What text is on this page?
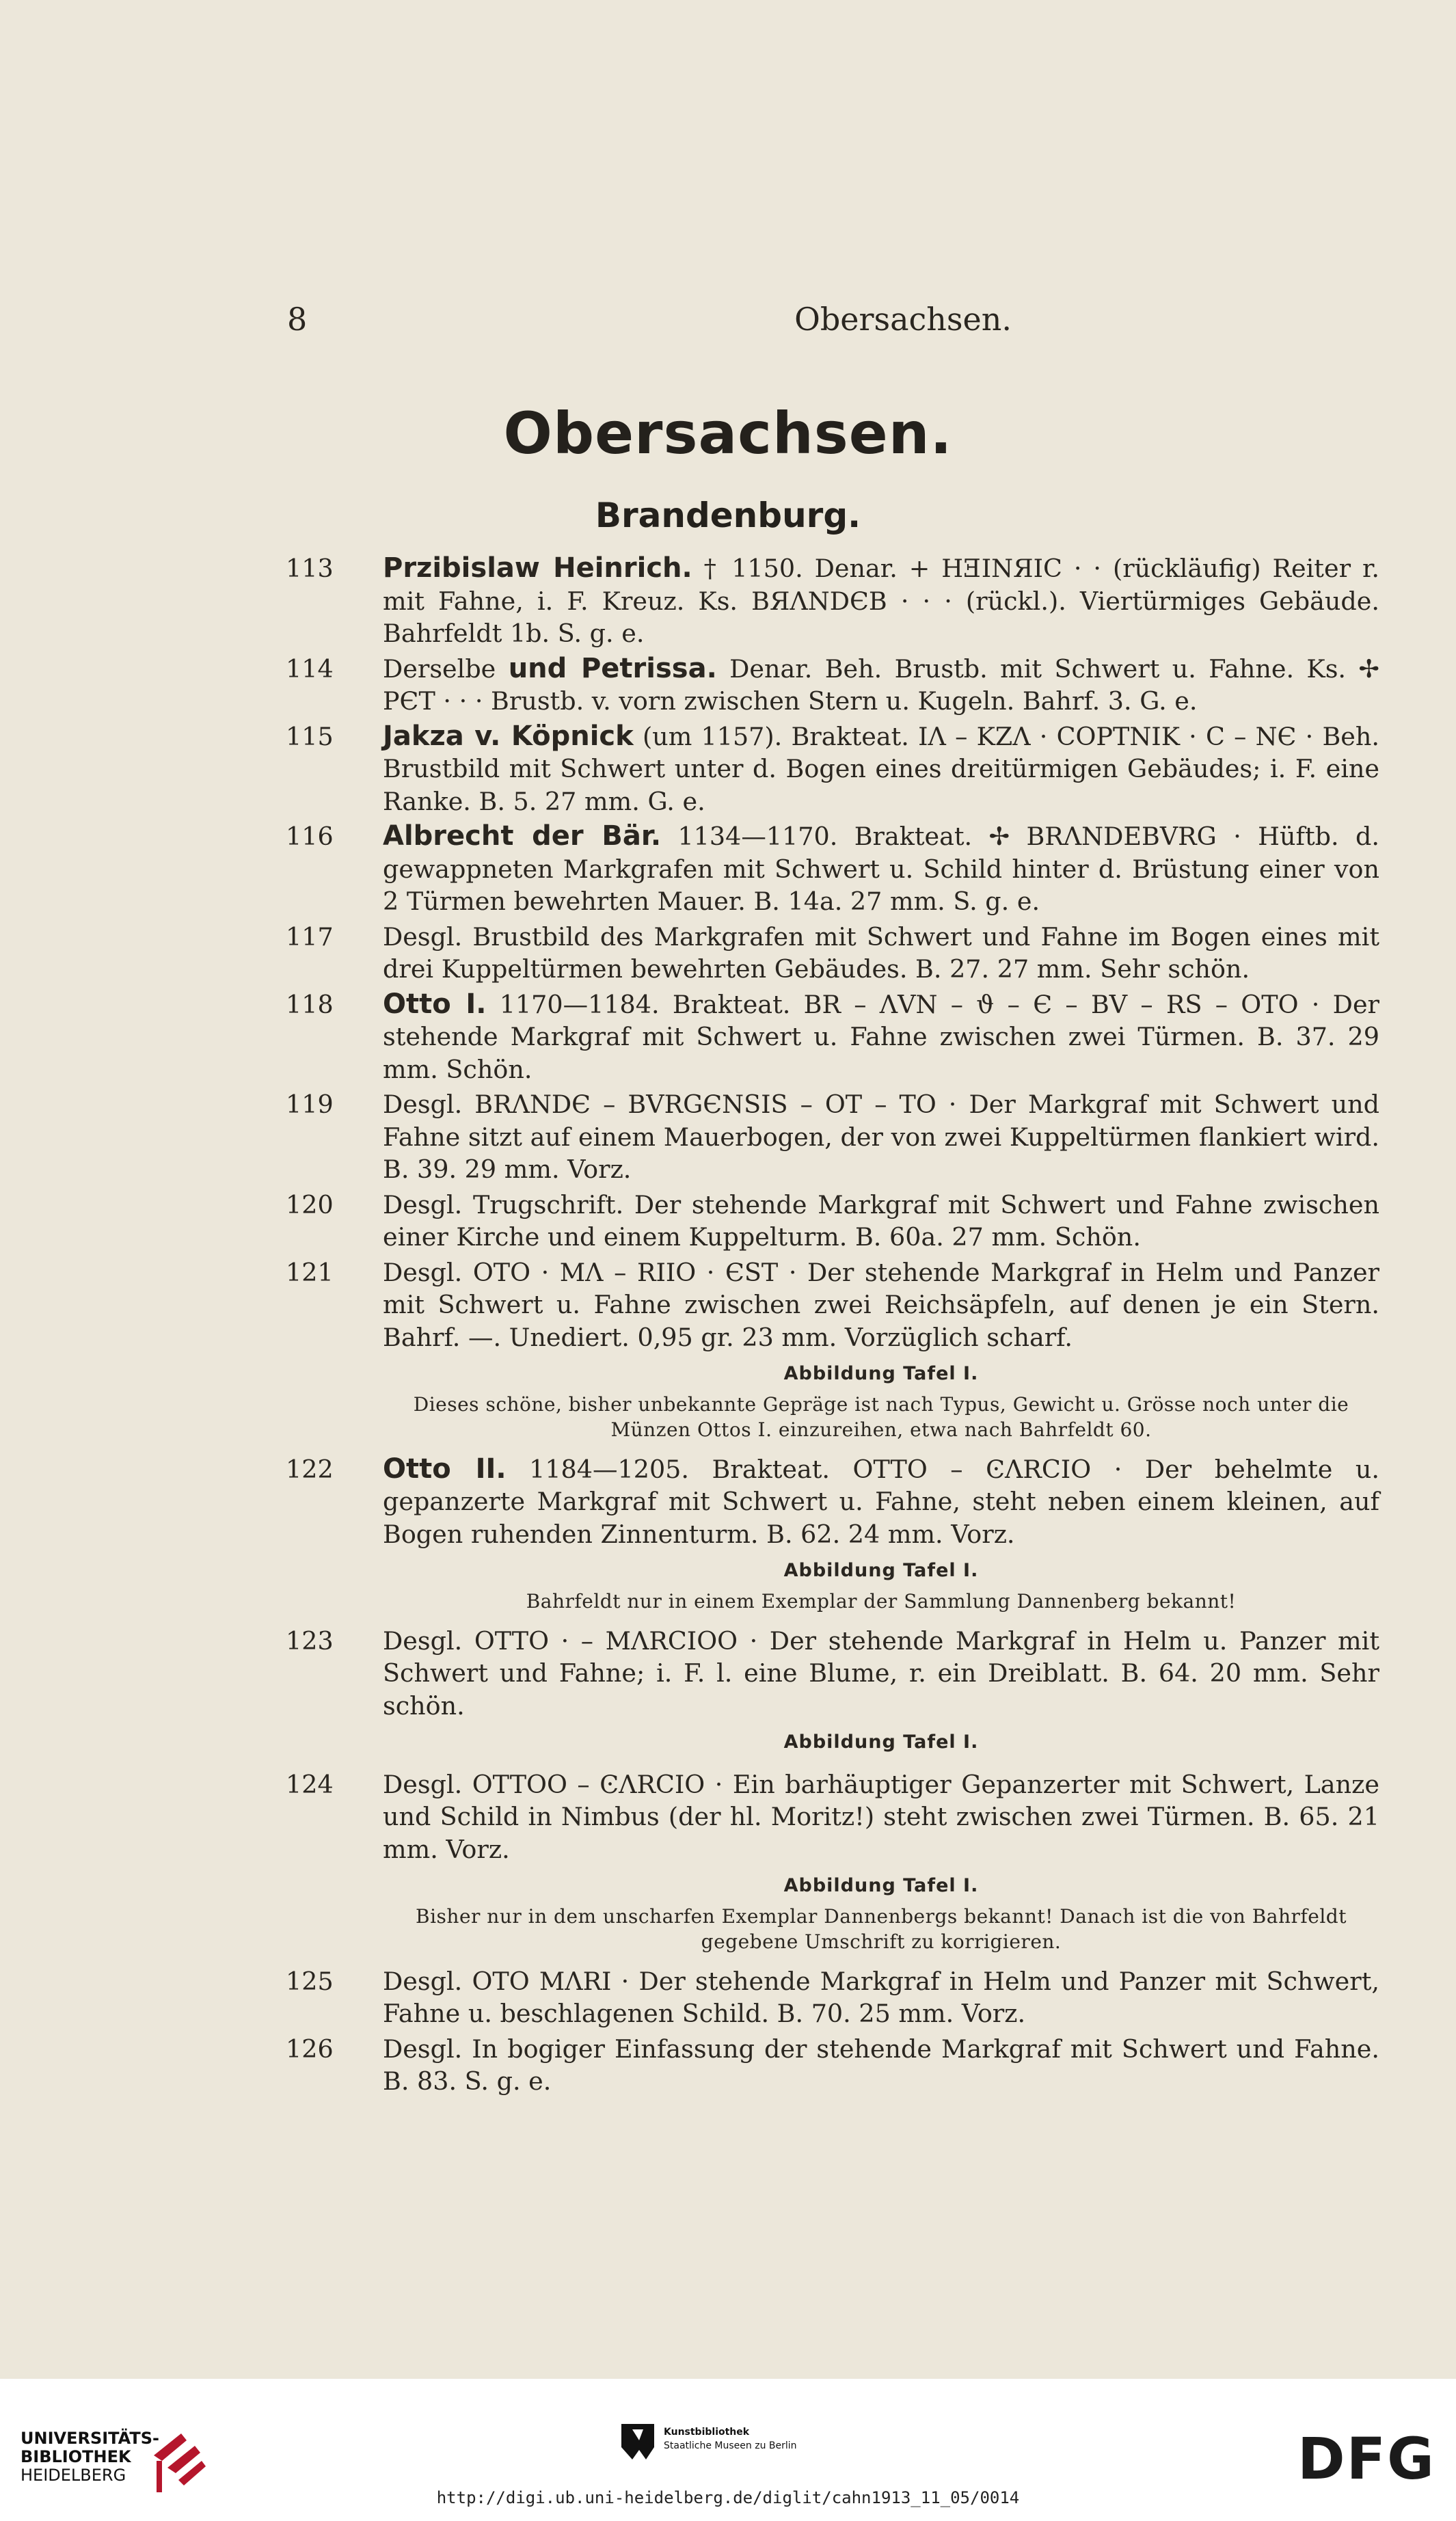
8	Obersachsen.
Obersachsen.
Brandenburg.
113	Przibislaw Heinrich. † 1150. Denar. + HƎINЯIC · · (rückläufig) Reiter r. mit Fahne, i. F. Kreuz. Ks. BЯΛNDЄB · · · (rückl.). Viertürmiges Gebäude. Bahrfeldt 1b. S. g. e.
114	Derselbe und Petrissa. Denar. Beh. Brustb. mit Schwert u. Fahne. Ks. ✢ PЄT · · · Brustb. v. vorn zwischen Stern u. Kugeln. Bahrf. 3. G. e.
115	Jakza v. Köpnick (um 1157). Brakteat. IΛ – KZΛ · COPTNIK · C – NЄ · Beh. Brustbild mit Schwert unter d. Bogen eines dreitürmigen Gebäudes; i. F. eine Ranke. B. 5. 27 mm. G. e.
116	Albrecht der Bär. 1134—1170. Brakteat. ✢ BRΛNDEBVRG · Hüftb. d. gewappneten Markgrafen mit Schwert u. Schild hinter d. Brüstung einer von 2 Türmen bewehrten Mauer. B. 14a. 27 mm. S. g. e.
117	Desgl. Brustbild des Markgrafen mit Schwert und Fahne im Bogen eines mit drei Kuppeltürmen bewehrten Gebäudes. B. 27. 27 mm. Sehr schön.
118	Otto I. 1170—1184. Brakteat. BR – ΛVN – ϑ – Є – BV – RS – OTO · Der stehende Markgraf mit Schwert u. Fahne zwischen zwei Türmen. B. 37. 29 mm. Schön.
119	Desgl. BRΛNDЄ – BVRGЄNSIS – OT – TO · Der Markgraf mit Schwert und Fahne sitzt auf einem Mauerbogen, der von zwei Kuppeltürmen flankiert wird. B. 39. 29 mm. Vorz.
120	Desgl. Trugschrift. Der stehende Markgraf mit Schwert und Fahne zwischen einer Kirche und einem Kuppelturm. B. 60a. 27 mm. Schön.
121	Desgl. OTO · MΛ – RIIO · ЄST · Der stehende Markgraf in Helm und Panzer mit Schwert u. Fahne zwischen zwei Reichsäpfeln, auf denen je ein Stern. Bahrf. —. Unediert. 0,95 gr. 23 mm. Vorzüglich scharf.
Abbildung Tafel I.
Dieses schöne, bisher unbekannte Gepräge ist nach Typus, Gewicht u. Grösse noch unter die Münzen Ottos I. einzureihen, etwa nach Bahrfeldt 60.
122	Otto II. 1184—1205. Brakteat. OTTO – ϾΛRCIO · Der behelmte u. gepanzerte Markgraf mit Schwert u. Fahne, steht neben einem kleinen, auf Bogen ruhenden Zinnenturm. B. 62. 24 mm. Vorz.
Abbildung Tafel I.
Bahrfeldt nur in einem Exemplar der Sammlung Dannenberg bekannt!
123	Desgl. OTTO · – MΛRCIOO · Der stehende Markgraf in Helm u. Panzer mit Schwert und Fahne; i. F. l. eine Blume, r. ein Dreiblatt. B. 64. 20 mm. Sehr schön.
Abbildung Tafel I.
124	Desgl. OTTOO – ϾΛRCIO · Ein barhäuptiger Gepanzerter mit Schwert, Lanze und Schild in Nimbus (der hl. Moritz!) steht zwischen zwei Türmen. B. 65. 21 mm. Vorz.
Abbildung Tafel I.
Bisher nur in dem unscharfen Exemplar Dannenbergs bekannt! Danach ist die von Bahrfeldt gegebene Umschrift zu korrigieren.
125	Desgl. OTO MΛRI · Der stehende Markgraf in Helm und Panzer mit Schwert, Fahne u. beschlagenen Schild. B. 70. 25 mm. Vorz.
126	Desgl. In bogiger Einfassung der stehende Markgraf mit Schwert und Fahne. B. 83. S. g. e.
UNIVERSITÄTS-
BIBLIOTHEK
HEIDELBERG
Kunstbibliothek
Staatliche Museen zu Berlin	DFG
http://digi.ub.uni-heidelberg.de/diglit/cahn1913_11_05/0014
